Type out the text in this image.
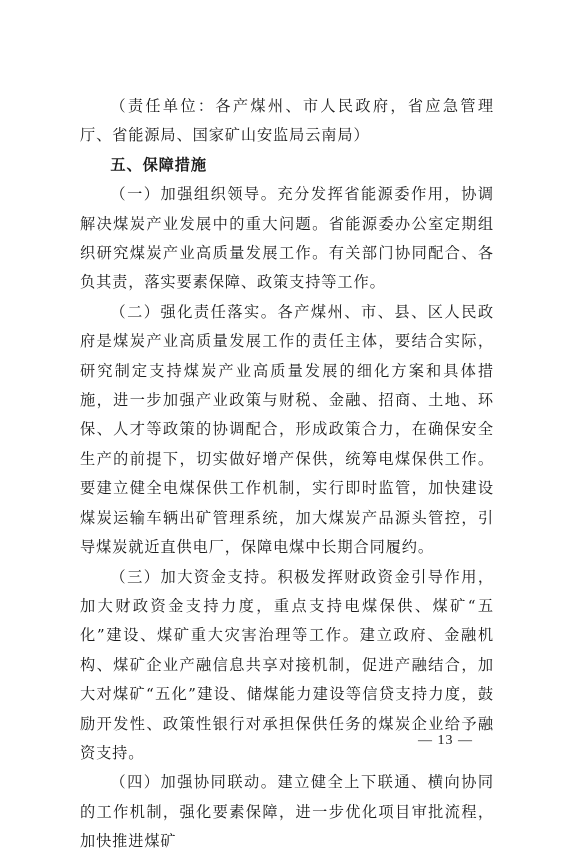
（责任单位：各产煤州、市人民政府，省应急管理厅、省能源局、国家矿山安监局云南局）

五、保障措施

（一）加强组织领导。充分发挥省能源委作用，协调解决煤炭产业发展中的重大问题。省能源委办公室定期组织研究煤炭产业高质量发展工作。有关部门协同配合、各负其责，落实要素保障、政策支持等工作。

（二）强化责任落实。各产煤州、市、县、区人民政府是煤炭产业高质量发展工作的责任主体，要结合实际，研究制定支持煤炭产业高质量发展的细化方案和具体措施，进一步加强产业政策与财税、金融、招商、土地、环保、人才等政策的协调配合，形成政策合力，在确保安全生产的前提下，切实做好增产保供，统筹电煤保供工作。要建立健全电煤保供工作机制，实行即时监管，加快建设煤炭运输车辆出矿管理系统，加大煤炭产品源头管控，引导煤炭就近直供电厂，保障电煤中长期合同履约。

（三）加大资金支持。积极发挥财政资金引导作用，加大财政资金支持力度，重点支持电煤保供、煤矿“五化”建设、煤矿重大灾害治理等工作。建立政府、金融机构、煤矿企业产融信息共享对接机制，促进产融结合，加大对煤矿“五化”建设、储煤能力建设等信贷支持力度，鼓励开发性、政策性银行对承担保供任务的煤炭企业给予融资支持。

（四）加强协同联动。建立健全上下联通、横向协同的工作机制，强化要素保障，进一步优化项目审批流程，加快推进煤矿

— 13 —
